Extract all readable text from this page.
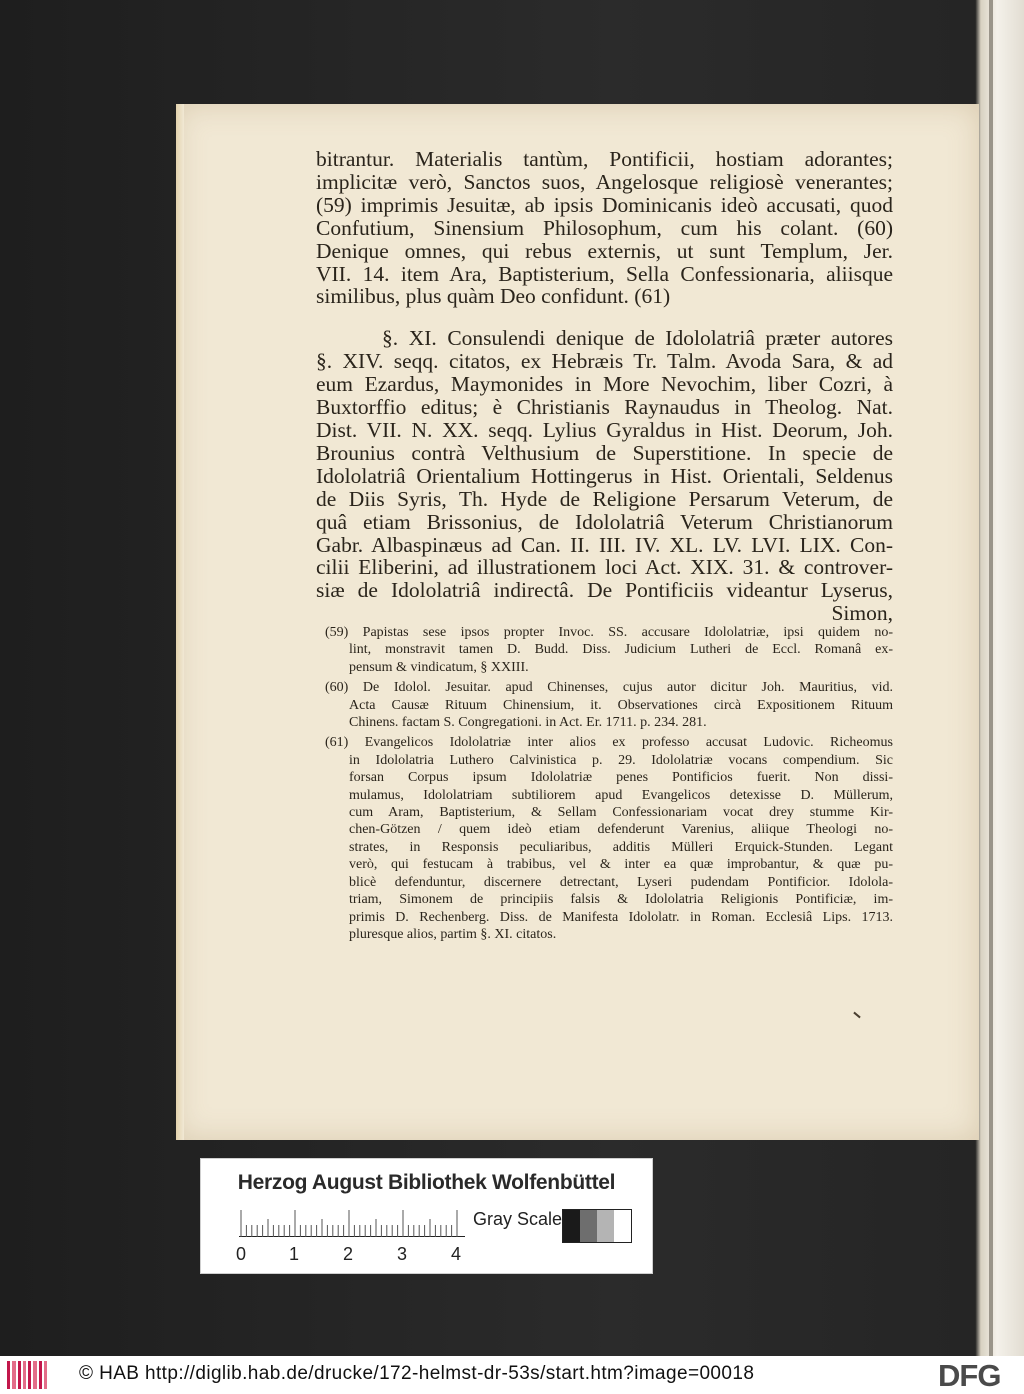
bitrantur. Materialis tantùm, Pontificii, hostiam adorantes;
implicitæ verò, Sanctos suos, Angelosque religiosè venerantes;
(59) imprimis Jesuitæ, ab ipsis Dominicanis ideò accusati, quod
Confutium, Sinensium Philosophum, cum his colant. (60)
Denique omnes, qui rebus externis, ut sunt Templum, Jer.
VII. 14. item Ara, Baptisterium, Sella Confessionaria, aliisque
similibus, plus quàm Deo confidunt. (61)
§. XI. Consulendi denique de Idololatriâ præter autores
§. XIV. seqq. citatos, ex Hebræis Tr. Talm. Avoda Sara, & ad
eum Ezardus, Maymonides in More Nevochim, liber Cozri, à
Buxtorffio editus; è Christianis Raynaudus in Theolog. Nat.
Dist. VII. N. XX. seqq. Lylius Gyraldus in Hist. Deorum, Joh.
Brounius contrà Velthusium de Superstitione. In specie de
Idololatriâ Orientalium Hottingerus in Hist. Orientali, Seldenus
de Diis Syris, Th. Hyde de Religione Persarum Veterum, de
quâ etiam Brissonius, de Idololatriâ Veterum Christianorum
Gabr. Albaspinæus ad Can. II. III. IV. XL. LV. LVI. LIX. Con-
cilii Eliberini, ad illustrationem loci Act. XIX. 31. & controver-
siæ de Idololatriâ indirectâ. De Pontificiis videantur Lyserus,
Simon,
(59) Papistas sese ipsos propter Invoc. SS. accusare Idololatriæ, ipsi quidem no-
lint, monstravit tamen D. Budd. Diss. Judicium Lutheri de Eccl. Romanâ ex-
pensum & vindicatum, § XXIII.
(60) De Idolol. Jesuitar. apud Chinenses, cujus autor dicitur Joh. Mauritius, vid.
Acta Causæ Rituum Chinensium, it. Observationes circà Expositionem Rituum
Chinens. factam S. Congregationi. in Act. Er. 1711. p. 234. 281.
(61) Evangelicos Idololatriæ inter alios ex professo accusat Ludovic. Richeomus
in Idololatria Luthero Calvinistica p. 29. Idololatriæ vocans compendium. Sic
forsan Corpus ipsum Idololatriæ penes Pontificios fuerit. Non dissi-
mulamus, Idololatriam subtiliorem apud Evangelicos detexisse D. Müllerum,
cum Aram, Baptisterium, & Sellam Confessionariam vocat drey stumme Kir-
chen-Götzen / quem ideò etiam defenderunt Varenius, aliique Theologi no-
strates, in Responsis peculiaribus, additis Mülleri Erquick-Stunden. Legant
verò, qui festucam à trabibus, vel & inter ea quæ improbantur, & quæ pu-
blicè defenduntur, discernere detrectant, Lyseri pudendam Pontificior. Idolola-
triam, Simonem de principiis falsis & Idololatria Religionis Pontificiæ, im-
primis D. Rechenberg. Diss. de Manifesta Idololatr. in Roman. Ecclesiâ Lips. 1713.
pluresque alios, partim §. XI. citatos.
Herzog August Bibliothek Wolfenbüttel
0 1 2 3 4
Gray Scale
© HAB http://diglib.hab.de/drucke/172-helmst-dr-53s/start.htm?image=00018	DFG
